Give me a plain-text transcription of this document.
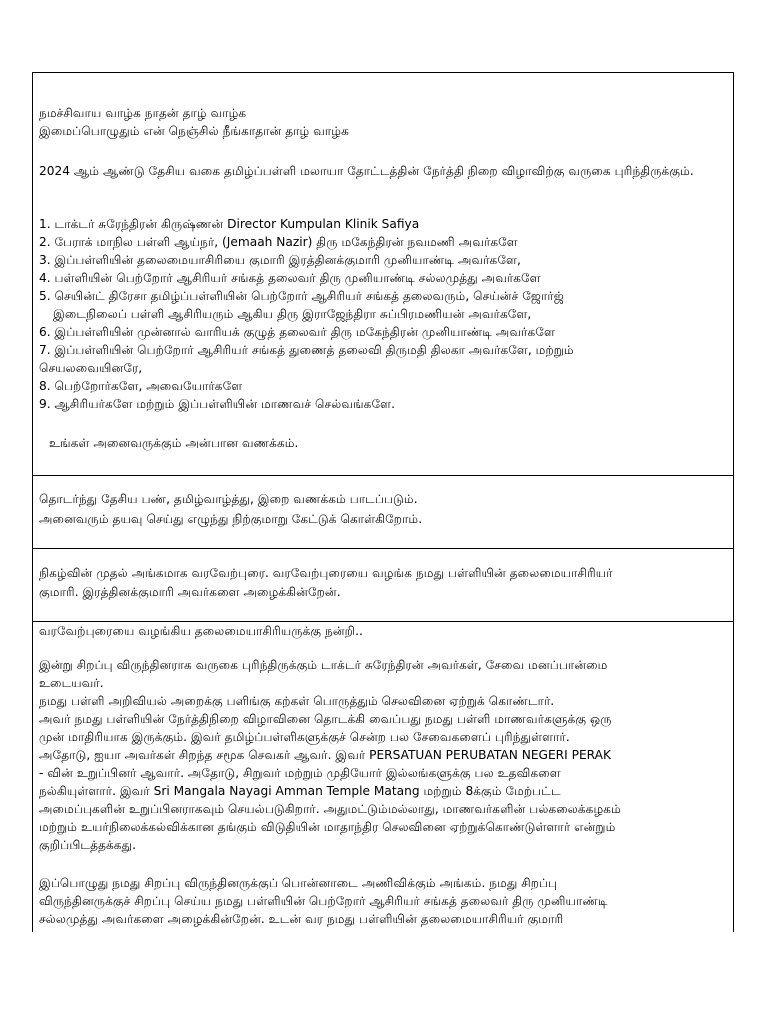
நமச்சிவாய வாழ்க நாதன் தாழ் வாழ்க
இமைப்பொழுதும் என் நெஞ்சில் நீங்காதான் தாழ் வாழ்க
2024 ஆம் ஆண்டு தேசிய வகை தமிழ்ப்பள்ளி மலாயா தோட்டத்தின் நேர்த்தி நிறை விழாவிற்கு வருகை புரிந்திருக்கும்.
1. டாக்டர் சுரேந்திரன் கிருஷ்ணன் Director Kumpulan Klinik Safiya
2. பேராக் மாநில பள்ளி ஆய்நர், (Jemaah Nazir) திரு மகேந்திரன் நவமணி அவர்களே
3. இப்பள்ளியின் தலைமையாசிரியை குமாரி இரத்தினக்குமாரி முனியாண்டி அவர்களே,
4. பள்ளியின் பெற்றோர் ஆசிரியர் சங்கத் தலைவர் திரு முனியாண்டி சல்லமுத்து அவர்களே
5. செயின்ட் திரேசா தமிழ்ப்பள்ளியின் பெற்றோர் ஆசிரியர் சங்கத் தலைவரும், செய்ன்ச் ஜோர்ஜ்
இடைநிலைப் பள்ளி ஆசிரியரும் ஆகிய திரு இராஜேந்திரா சுப்பிரமணியன் அவர்களே,
6. இப்பள்ளியின் முன்னால் வாரியக் குழுத் தலைவர் திரு மகேந்திரன் முனியாண்டி அவர்களே
7. இப்பள்ளியின் பெற்றோர் ஆசிரியர் சங்கத் துணைத் தலைவி திருமதி திலகா அவர்களே, மற்றும்
செயலவையினரே,
8. பெற்றோர்களே, அவையோர்களே
9. ஆசிரியர்களே மற்றும் இப்பள்ளியின் மாணவச் செல்வங்களே.
உங்கள் அனைவருக்கும் அன்பான வணக்கம்.
தொடர்ந்து தேசிய பண், தமிழ்வாழ்த்து, இறை வணக்கம் பாடப்படும்.
அனைவரும் தயவு செய்து எழுந்து நிற்குமாறு கேட்டுக் கொள்கிறோம்.
நிகழ்வின் முதல் அங்கமாக வரவேற்புரை. வரவேற்புரையை வழங்க நமது பள்ளியின் தலைமையாசிரியர்
குமாரி. இரத்தினக்குமாரி அவர்களை அழைக்கின்றேன்.
வரவேற்புரையை வழங்கிய தலைமையாசிரியருக்கு நன்றி..
இன்று சிறப்பு விருந்தினராக வருகை புரிந்திருக்கும் டாக்டர் சுரேந்திரன் அவர்கள், சேவை மனப்பான்மை
உடையவர்.
நமது பள்ளி அறிவியல் அறைக்கு பளிங்கு கற்கள் பொருத்தும் செலவினை ஏற்றுக் கொண்டார்.
அவர் நமது பள்ளியின் நேர்த்திநிறை விழாவினை தொடக்கி வைப்பது நமது பள்ளி மாணவர்களுக்கு ஒரு
முன் மாதிரியாக இருக்கும். இவர் தமிழ்ப்பள்ளிகளுக்குச் சென்ற பல சேவைகளைப் புரிந்துள்ளார்.
அதோடு, ஐயா அவர்கள் சிறந்த சமூக செவகர் ஆவர். இவர் PERSATUAN PERUBATAN NEGERI PERAK
- வின் உறுப்பினர் ஆவார். அதோடு, சிறுவர் மற்றும் முதியோர் இல்லங்களுக்கு பல உதவிகளை
நல்கியுள்ளார். இவர் Sri Mangala Nayagi Amman Temple Matang மற்றும் 8க்கும் மேற்பட்ட
அமைப்புகளின் உறுப்பினராகவும் செயல்படுகிறார். அதுமட்டும்மல்லாது, மாணவர்களின் பல்கலைக்கழகம்
மற்றும் உயர்நிலைக்கல்விக்கான தங்கும் விடுதியின் மாதாந்திர செலவினை ஏற்றுக்கொண்டுள்ளார் என்றும்
குறிப்பிடத்தக்கது.
இப்பொழுது நமது சிறப்பு விருந்தினருக்குப் பொன்னாடை அணிவிக்கும் அங்கம். நமது சிறப்பு
விருந்தினருக்குச் சிறப்பு செய்ய நமது பள்ளியின் பெற்றோர் ஆசிரியர் சங்கத் தலைவர் திரு முனியாண்டி
சல்லமுத்து அவர்களை அழைக்கின்றேன். உடன் வர நமது பள்ளியின் தலைமையாசிரியர் குமாரி
